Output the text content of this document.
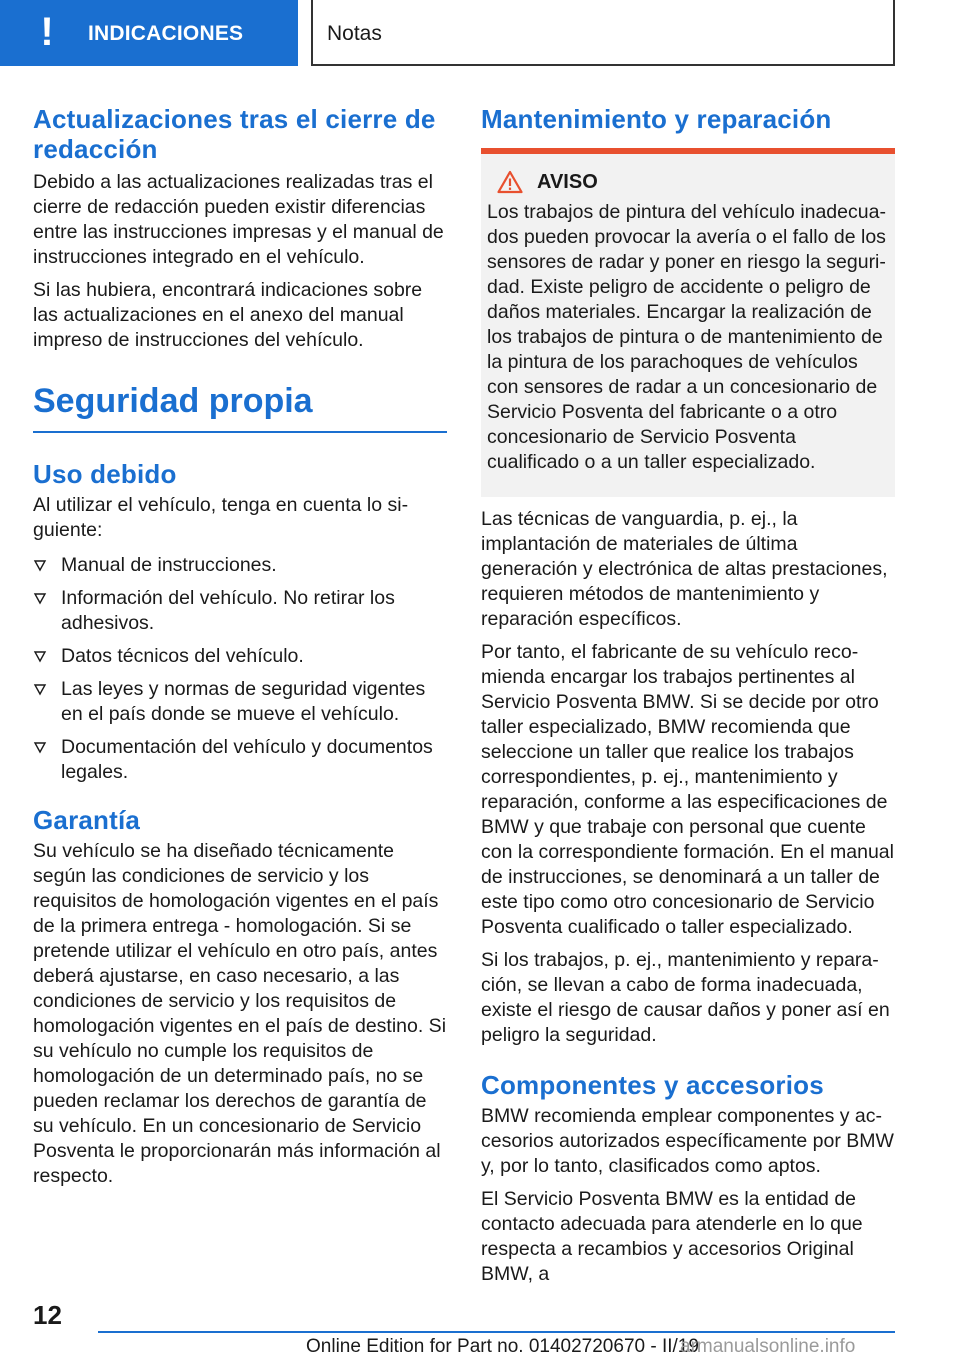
! INDICACIONES	Notas
Actualizaciones tras el cierre de redacción
Debido a las actualizaciones realizadas tras el cierre de redacción pueden existir diferencias entre las instrucciones impresas y el manual de instrucciones integrado en el vehículo.
Si las hubiera, encontrará indicaciones sobre las actualizaciones en el anexo del manual impreso de instrucciones del vehículo.
Seguridad propia
Uso debido
Al utilizar el vehículo, tenga en cuenta lo siguiente:
Manual de instrucciones.
Información del vehículo. No retirar los adhesivos.
Datos técnicos del vehículo.
Las leyes y normas de seguridad vigentes en el país donde se mueve el vehículo.
Documentación del vehículo y documentos legales.
Garantía
Su vehículo se ha diseñado técnicamente según las condiciones de servicio y los requisitos de homologación vigentes en el país de la primera entrega - homologación. Si se pretende utilizar el vehículo en otro país, antes deberá ajustarse, en caso necesario, a las condiciones de servicio y los requisitos de homologación vigentes en el país de destino. Si su vehículo no cumple los requisitos de homologación de un determinado país, no se pueden reclamar los derechos de garantía de su vehículo. En un concesionario de Servicio Posventa le proporcionarán más información al respecto.
Mantenimiento y reparación
AVISO
Los trabajos de pintura del vehículo inadecuados pueden provocar la avería o el fallo de los sensores de radar y poner en riesgo la seguridad. Existe peligro de accidente o peligro de daños materiales. Encargar la realización de los trabajos de pintura o de mantenimiento de la pintura de los parachoques de vehículos con sensores de radar a un concesionario de Servicio Posventa del fabricante o a otro concesionario de Servicio Posventa cualificado o a un taller especializado.
Las técnicas de vanguardia, p. ej., la implantación de materiales de última generación y electrónica de altas prestaciones, requieren métodos de mantenimiento y reparación específicos.
Por tanto, el fabricante de su vehículo recomienda encargar los trabajos pertinentes al Servicio Posventa BMW. Si se decide por otro taller especializado, BMW recomienda que seleccione un taller que realice los trabajos correspondientes, p. ej., mantenimiento y reparación, conforme a las especificaciones de BMW y que trabaje con personal que cuente con la correspondiente formación. En el manual de instrucciones, se denominará a un taller de este tipo como otro concesionario de Servicio Posventa cualificado o taller especializado.
Si los trabajos, p. ej., mantenimiento y reparación, se llevan a cabo de forma inadecuada, existe el riesgo de causar daños y poner así en peligro la seguridad.
Componentes y accesorios
BMW recomienda emplear componentes y accesorios autorizados específicamente por BMW y, por lo tanto, clasificados como aptos.
El Servicio Posventa BMW es la entidad de contacto adecuada para atenderle en lo que respecta a recambios y accesorios Original BMW, a
12
Online Edition for Part no. 01402720670 - II/19
armanualsonline.info
